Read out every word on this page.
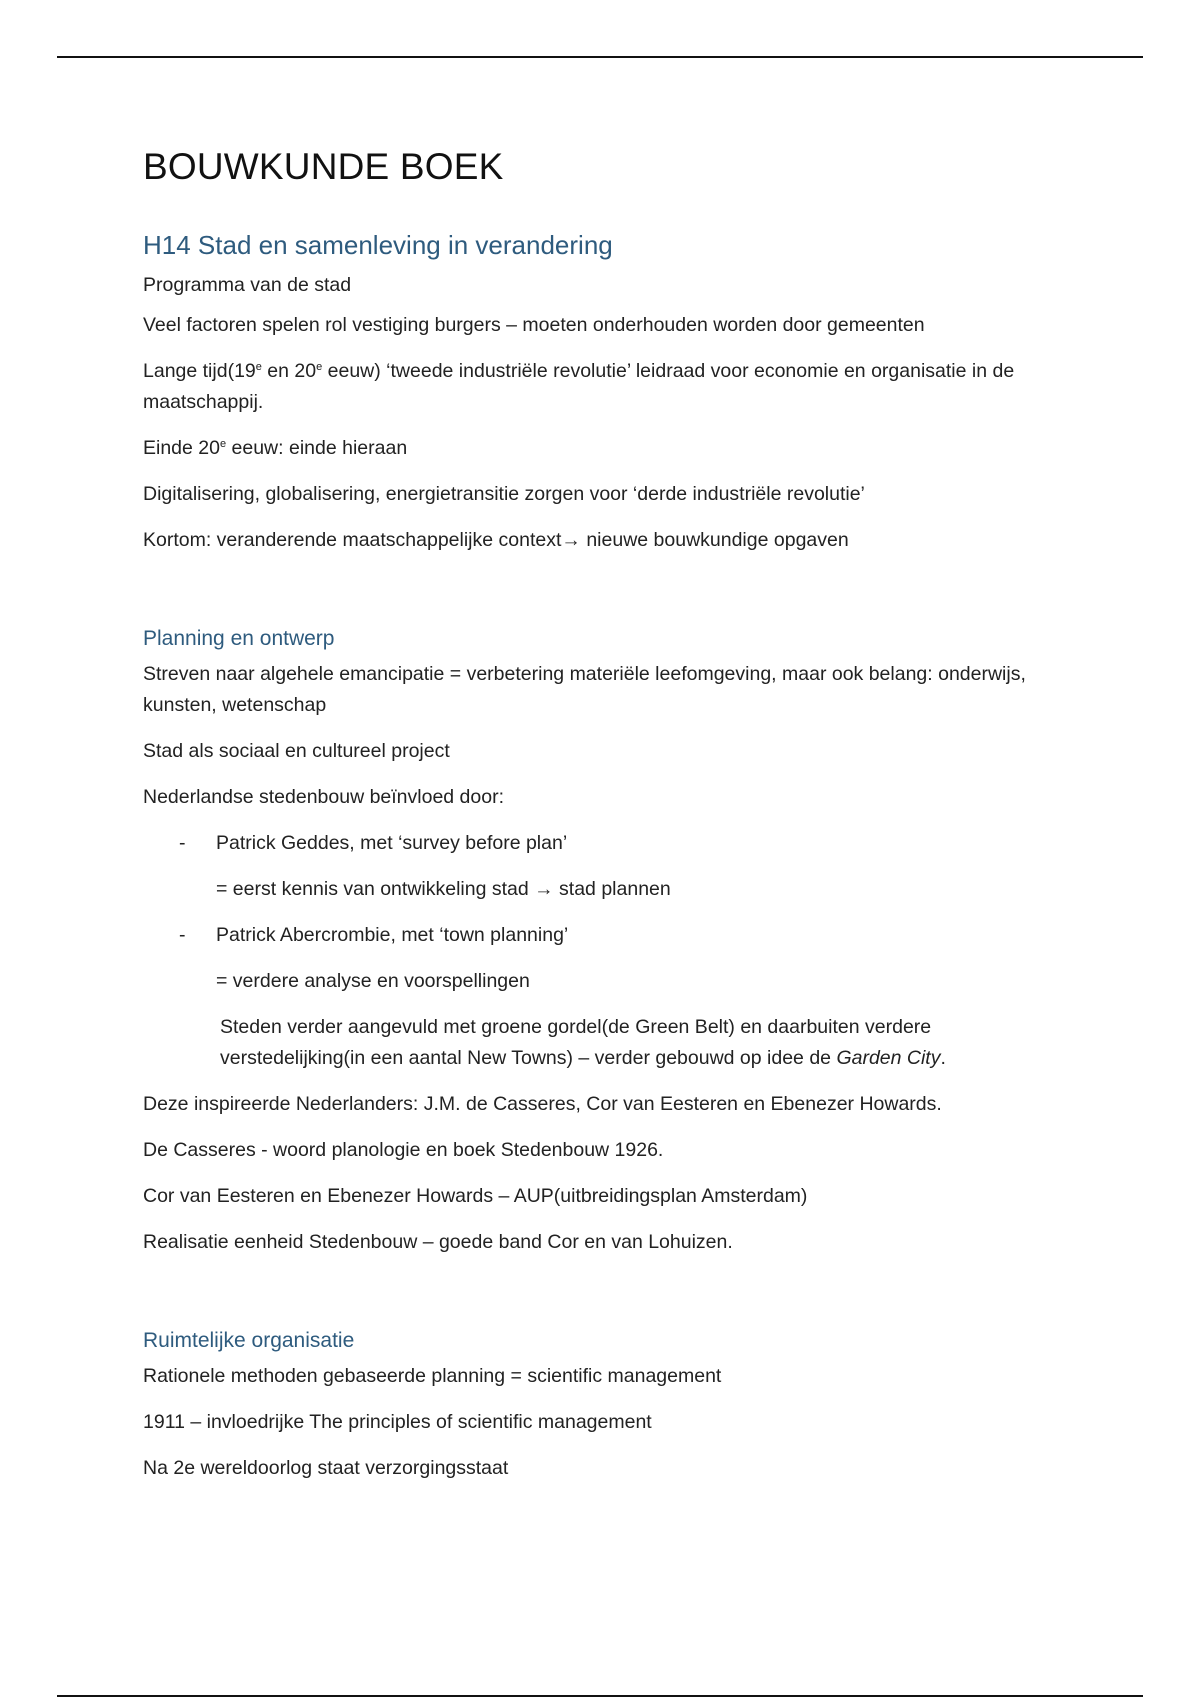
BOUWKUNDE BOEK
H14 Stad en samenleving in verandering

Programma van de stad

Veel factoren spelen rol vestiging burgers – moeten onderhouden worden door gemeenten

Lange tijd(19e en 20e eeuw) ‘tweede industriële revolutie’ leidraad voor economie en organisatie in de maatschappij.

Einde 20e eeuw: einde hieraan

Digitalisering, globalisering, energietransitie zorgen voor ‘derde industriële revolutie’

Kortom: veranderende maatschappelijke context→ nieuwe bouwkundige opgaven

Planning en ontwerp

Streven naar algehele emancipatie = verbetering materiële leefomgeving, maar ook belang: onderwijs, kunsten, wetenschap

Stad als sociaal en cultureel project

Nederlandse stedenbouw beïnvloed door:

- Patrick Geddes, met ‘survey before plan’

= eerst kennis van ontwikkeling stad → stad plannen

- Patrick Abercrombie, met ‘town planning’

= verdere analyse en voorspellingen

Steden verder aangevuld met groene gordel(de Green Belt) en daarbuiten verdere verstedelijking(in een aantal New Towns) – verder gebouwd op idee de Garden City.

Deze inspireerde Nederlanders: J.M. de Casseres, Cor van Eesteren en Ebenezer Howards.

De Casseres - woord planologie en boek Stedenbouw 1926.

Cor van Eesteren en Ebenezer Howards – AUP(uitbreidingsplan Amsterdam)

Realisatie eenheid Stedenbouw – goede band Cor en van Lohuizen.

Ruimtelijke organisatie

Rationele methoden gebaseerde planning = scientific management

1911 – invloedrijke The principles of scientific management

Na 2e wereldoorlog staat verzorgingsstaat
